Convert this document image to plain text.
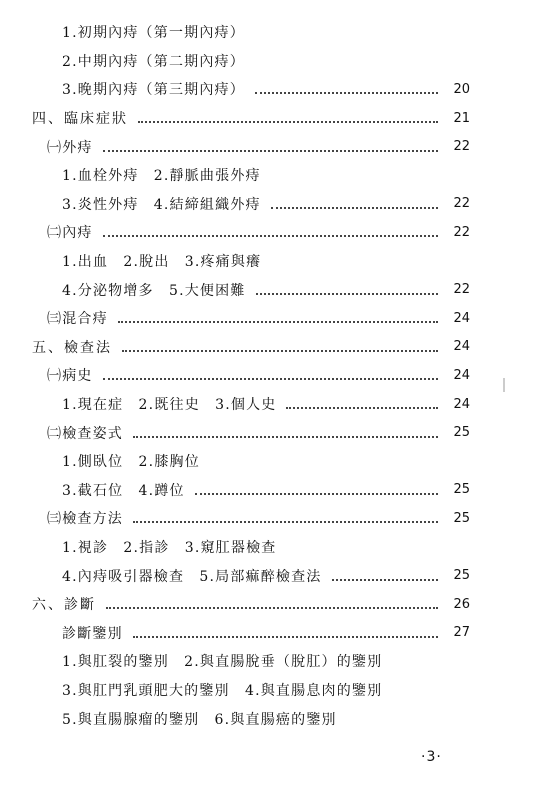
1.初期內痔（第一期內痔）
2.中期內痔（第二期內痔）
3.晚期內痔（第三期內痔）	20
四、臨床症狀	21
㈠外痔	22
1.血栓外痔　2.靜脈曲張外痔
3.炎性外痔　4.結締組織外痔	22
㈡內痔	22
1.出血　2.脫出　3.疼痛與癢
4.分泌物增多　5.大便困難	22
㈢混合痔	24
五、檢查法	24
㈠病史	24
1.現在症　2.既往史　3.個人史	24
㈡檢查姿式	25
1.側臥位　2.膝胸位
3.截石位　4.蹲位	25
㈢檢查方法	25
1.視診　2.指診　3.窺肛器檢查
4.內痔吸引器檢查　5.局部痲醉檢查法	25
六、診斷	26
診斷鑒別	27
1.與肛裂的鑒別　2.與直腸脫垂（脫肛）的鑒別
3.與肛門乳頭肥大的鑒別　4.與直腸息肉的鑒別
5.與直腸腺瘤的鑒別　6.與直腸癌的鑒別
·3·
